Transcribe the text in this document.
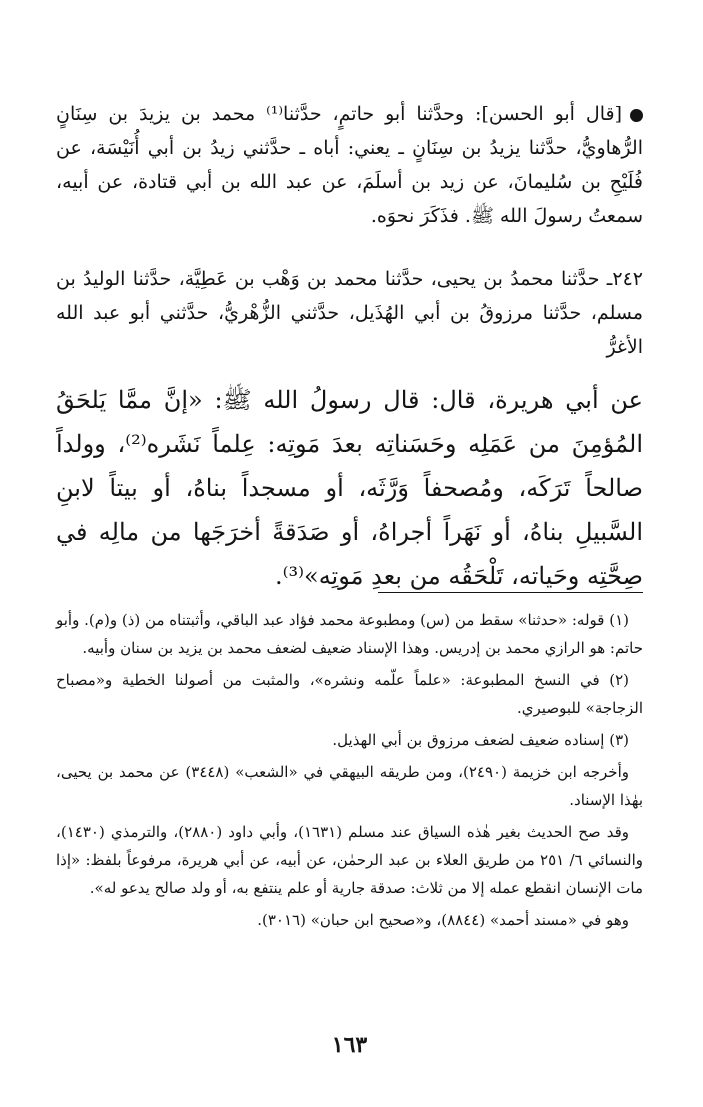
[قال أبو الحسن]: وحدَّثنا أبو حاتمٍ، حدَّثنا⁽¹⁾ محمد بن يزيدَ بن سِنَانٍ الرُّهاويُّ، حدَّثنا يزيدُ بن سِنَانٍ ـ يعني: أباه ـ حدَّثني زيدُ بن أبي أُنَيْسَة، عن فُلَيْحِ بن سُليمانَ، عن زيد بن أسلَمَ، عن عبد الله بن أبي قتادة، عن أبيه، سمعتُ رسولَ الله ﷺ. فذَكَرَ نحوَه.

٢٤٢ـ حدَّثنا محمدُ بن يحيى، حدَّثنا محمد بن وَهْب بن عَطِيَّة، حدَّثنا الوليدُ بن مسلم، حدَّثنا مرزوقُ بن أبي الهُذَيل، حدَّثني الزُّهْريُّ، حدَّثني أبو عبد الله الأغرُّ

عن أبي هريرة، قال: قال رسولُ الله ﷺ: «إنَّ ممَّا يَلحَقُ المُؤمِنَ من عَمَلِه وحَسَناتِه بعدَ مَوتِه: عِلماً نَشَره⁽²⁾، وولداً صالحاً تَرَكَه، ومُصحفاً وَرَّثَه، أو مسجداً بناهُ، أو بيتاً لابنِ السَّبيلِ بناهُ، أو نَهَراً أجراهُ، أو صَدَقةً أخرَجَها من مالِه في صِحَّتِه وحَياته، تَلْحَقُه من بعدِ مَوتِه»⁽³⁾.

(١) قوله: «حدثنا» سقط من (س) ومطبوعة محمد فؤاد عبد الباقي، وأثبتناه من (ذ) و(م). وأبو حاتم: هو الرازي محمد بن إدريس. وهذا الإسناد ضعيف لضعف محمد بن يزيد بن سنان وأبيه.

(٢) في النسخ المطبوعة: «علماً علّمه ونشره»، والمثبت من أصولنا الخطية و«مصباح الزجاجة» للبوصيري.

(٣) إسناده ضعيف لضعف مرزوق بن أبي الهذيل.

وأخرجه ابن خزيمة (٢٤٩٠)، ومن طريقه البيهقي في «الشعب» (٣٤٤٨) عن محمد بن يحيى، بهٰذا الإسناد.

وقد صح الحديث بغير هٰذه السياق عند مسلم (١٦٣١)، وأبي داود (٢٨٨٠)، والترمذي (١٤٣٠)، والنسائي ٦/ ٢٥١ من طريق العلاء بن عبد الرحمٰن، عن أبيه، عن أبي هريرة، مرفوعاً بلفظ: «إذا مات الإنسان انقطع عمله إلا من ثلاث: صدقة جارية أو علم ينتفع به، أو ولد صالح يدعو له».

وهو في «مسند أحمد» (٨٨٤٤)، و«صحيح ابن حبان» (٣٠١٦).

١٦٣
